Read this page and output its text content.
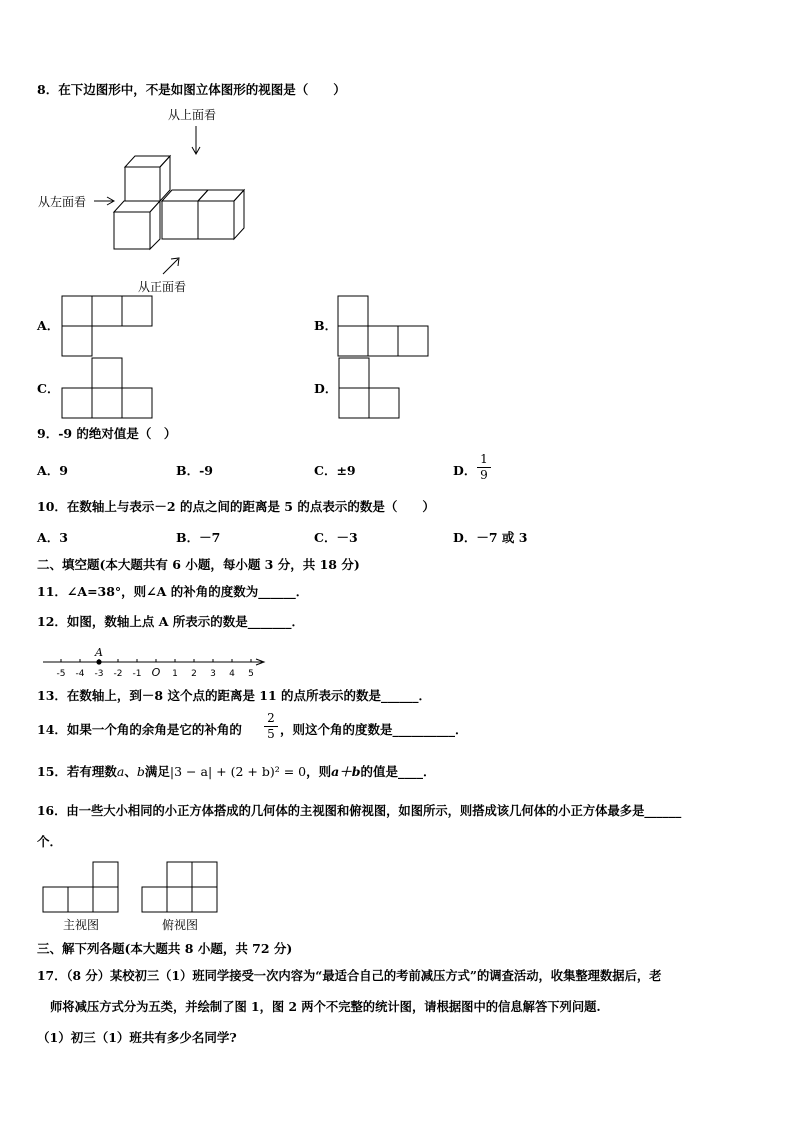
8．在下边图形中，不是如图立体图形的视图是（　　）
从上面看
从左面看
从正面看
A．	B．
C．	D．
9．-9 的绝对值是（　）
A．9	B．-9	C．±9	D． $\frac{1}{9}$
10．在数轴上与表示－2 的点之间的距离是 5 的点表示的数是（　　）
A．3	B．－7	C．－3	D．－7 或 3
二、填空题(本大题共有 6 小题，每小题 3 分，共 18 分)
11．∠A=38°，则∠A 的补角的度数为______．
12．如图，数轴上点 A 所表示的数是_______．
A
-5 -4 -3 -2 -1 O 1 2 3 4 5
13．在数轴上，到－8 这个点的距离是 11 的点所表示的数是______．
14．如果一个角的余角是它的补角的 $\frac{2}{5}$ ，则这个角的度数是__________．
15．若有理数a、b满足|3 − a| + (2 + b)² = 0，则a＋b的值是____．
16．由一些大小相同的小正方体搭成的几何体的主视图和俯视图，如图所示，则搭成该几何体的小正方体最多是______
个．
主视图	俯视图
三、解下列各题(本大题共 8 小题，共 72 分)
17．（8 分）某校初三（1）班同学接受一次内容为“最适合自己的考前减压方式”的调查活动，收集整理数据后，老
师将减压方式分为五类，并绘制了图 1，图 2 两个不完整的统计图，请根据图中的信息解答下列问题.
（1）初三（1）班共有多少名同学?
